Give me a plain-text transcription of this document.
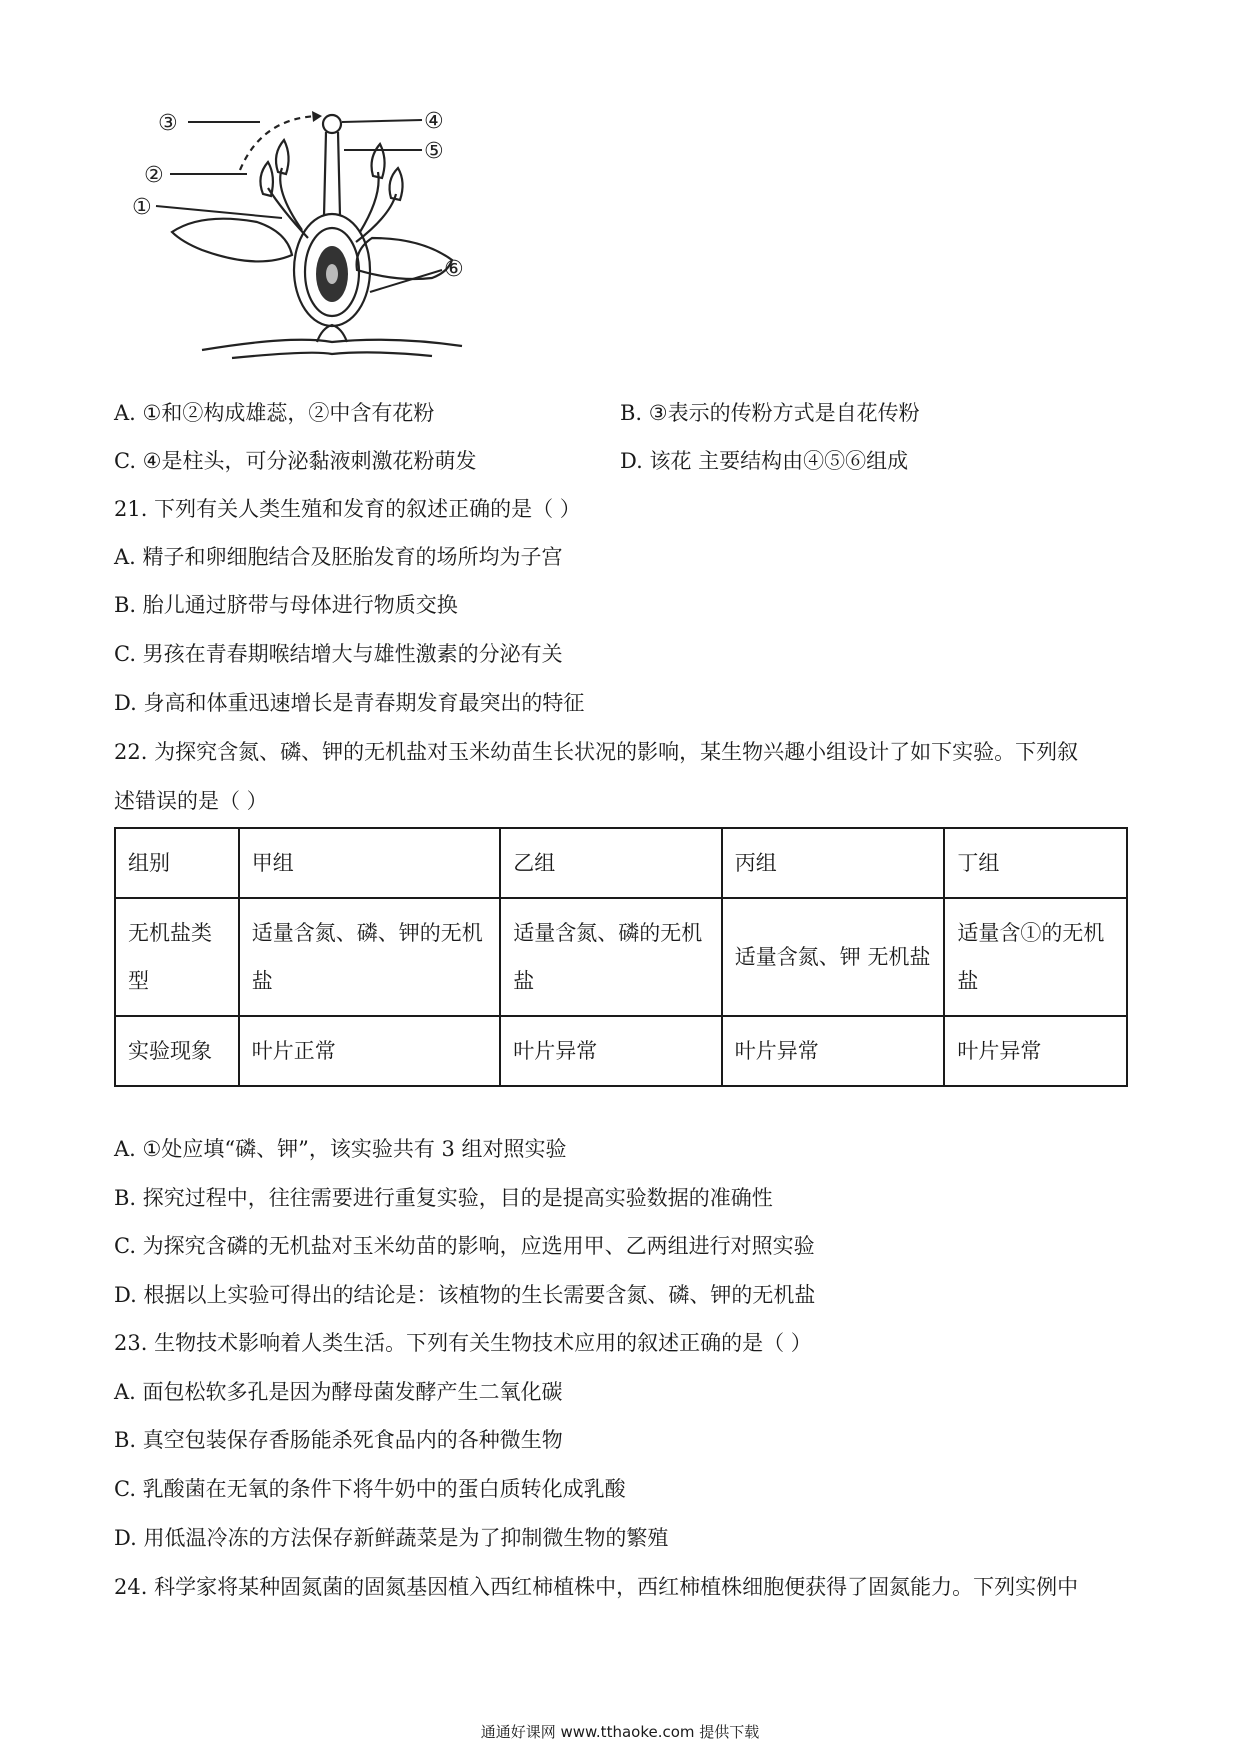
③
②
①
④
⑤
⑥
A. ①和②构成雄蕊，②中含有花粉	B. ③表示的传粉方式是自花传粉
C. ④是柱头，可分泌黏液刺激花粉萌发	D. 该花 主要结构由④⑤⑥组成
21. 下列有关人类生殖和发育的叙述正确的是（ ）
A. 精子和卵细胞结合及胚胎发育的场所均为子宫
B. 胎儿通过脐带与母体进行物质交换
C. 男孩在青春期喉结增大与雄性激素的分泌有关
D. 身高和体重迅速增长是青春期发育最突出的特征
22. 为探究含氮、磷、钾的无机盐对玉米幼苗生长状况的影响，某生物兴趣小组设计了如下实验。下列叙
述错误的是（ ）
组别	甲组	乙组	丙组	丁组
无机盐类型	适量含氮、磷、钾的无机盐	适量含氮、磷的无机盐	适量含氮、钾 无机盐	适量含①的无机盐
实验现象	叶片正常	叶片异常	叶片异常	叶片异常
A. ①处应填“磷、钾”，该实验共有 3 组对照实验
B. 探究过程中，往往需要进行重复实验，目的是提高实验数据的准确性
C. 为探究含磷的无机盐对玉米幼苗的影响，应选用甲、乙两组进行对照实验
D. 根据以上实验可得出的结论是：该植物的生长需要含氮、磷、钾的无机盐
23. 生物技术影响着人类生活。下列有关生物技术应用的叙述正确的是（ ）
A. 面包松软多孔是因为酵母菌发酵产生二氧化碳
B. 真空包装保存香肠能杀死食品内的各种微生物
C. 乳酸菌在无氧的条件下将牛奶中的蛋白质转化成乳酸
D. 用低温冷冻的方法保存新鲜蔬菜是为了抑制微生物的繁殖
24. 科学家将某种固氮菌的固氮基因植入西红柿植株中，西红柿植株细胞便获得了固氮能力。下列实例中
通通好课网 www.tthaoke.com 提供下载
